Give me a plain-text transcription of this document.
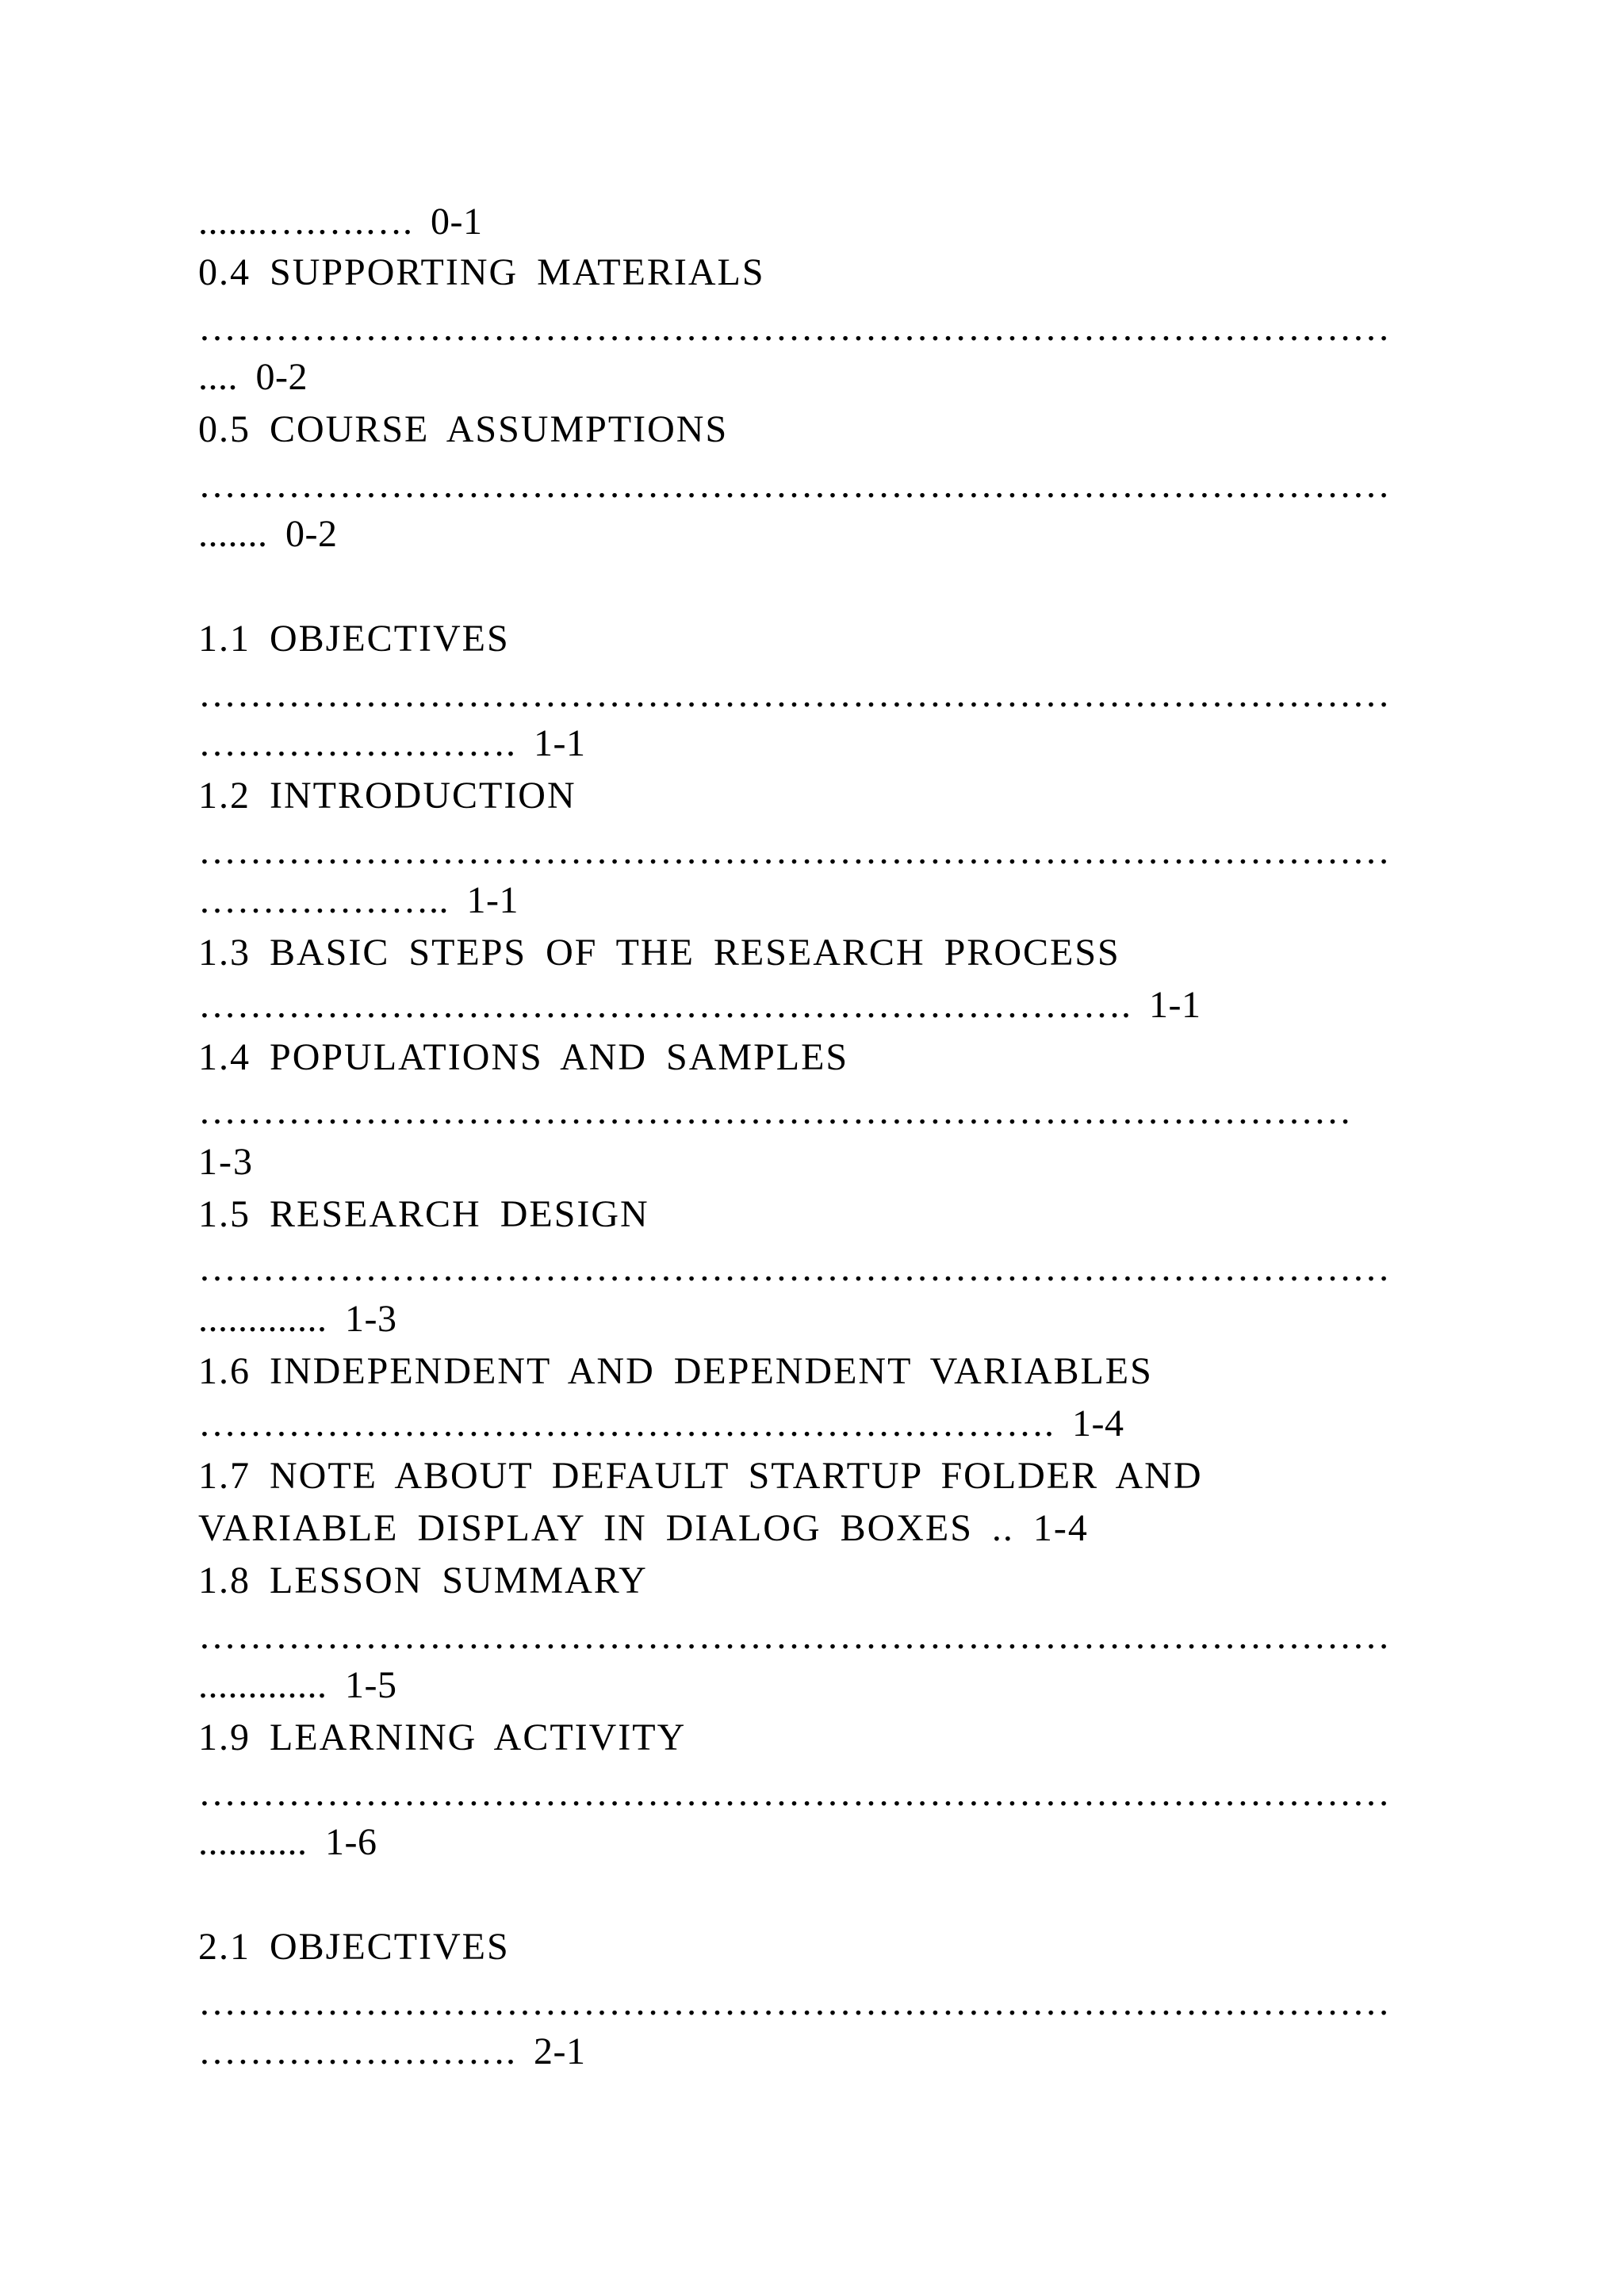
.......….….…. 0-1
0.4 SUPPORTING MATERIALS
…………………………………………………………………………………
.... 0-2
0.5 COURSE ASSUMPTIONS
…………………………………………………………………………………
....... 0-2
1.1 OBJECTIVES
…………………………………………………………………………………
……………………. 1-1
1.2 INTRODUCTION
…………………………………………………………………………………
……………….. 1-1
1.3 BASIC STEPS OF THE RESEARCH PROCESS
………………………………………………………………. 1-1
1.4 POPULATIONS AND SAMPLES
………………………………………………………………………………
1-3
1.5 RESEARCH DESIGN
…………………………………………………………………………………
............. 1-3
1.6 INDEPENDENT AND DEPENDENT VARIABLES
…………………………………………………………. 1-4
1.7 NOTE ABOUT DEFAULT STARTUP FOLDER AND
VARIABLE DISPLAY IN DIALOG BOXES .. 1-4
1.8 LESSON SUMMARY
…………………………………………………………………………………
............. 1-5
1.9 LEARNING ACTIVITY
…………………………………………………………………………………
........... 1-6
2.1 OBJECTIVES
…………………………………………………………………………………
……………………. 2-1
